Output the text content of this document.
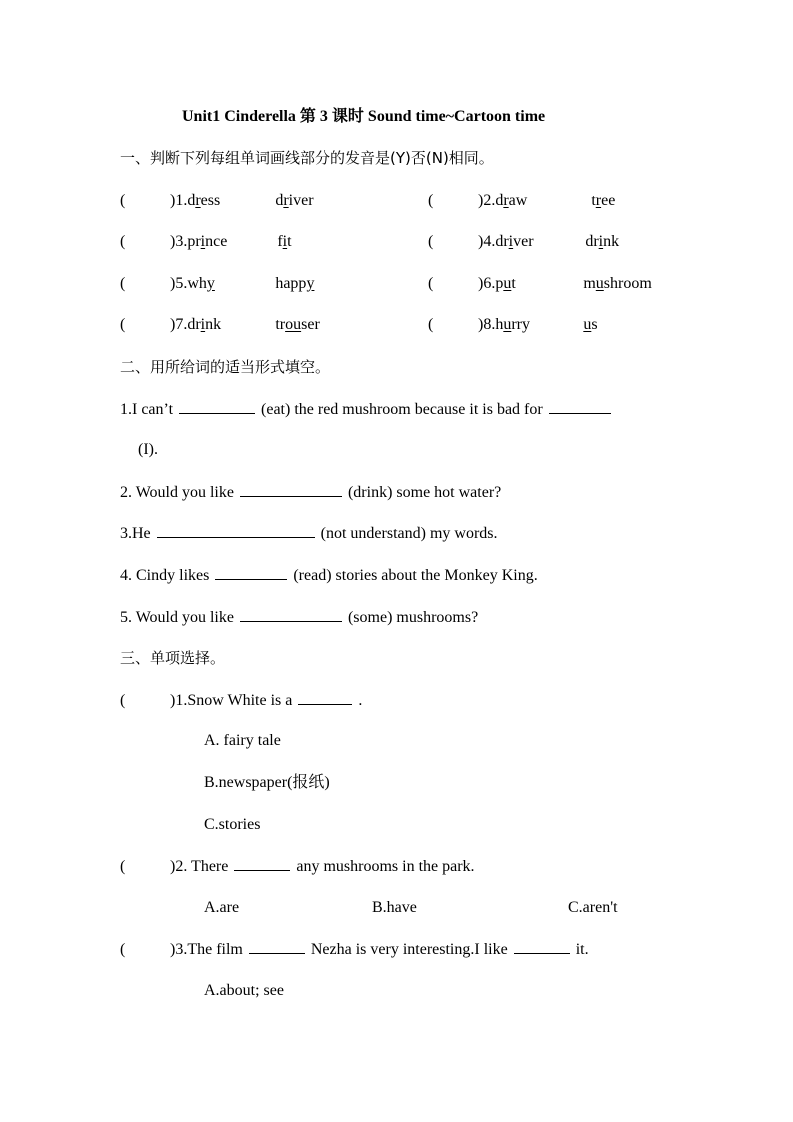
Unit1 Cinderella 第 3 课时 Sound time~Cartoon time
一、判断下列每组单词画线部分的发音是(Y)否(N)相同。
(	)1.dress	driver	(	)2.draw	tree
(	)3.prince	fit	(	)4.driver	drink
(	)5.why	happy	(	)6.put	mushroom
(	)7.drink	trouser	(	)8.hurry	us
二、用所给词的适当形式填空。
1.I can’t	(eat) the red mushroom because it is bad for
(I).
2. Would you like	(drink) some hot water?
3.He	(not understand) my words.
4. Cindy likes	(read) stories about the Monkey King.
5. Would you like	(some) mushrooms?
三、单项选择。
(	)1.Snow White is a	.
A. fairy tale
B.newspaper(报纸)
C.stories
(	)2. There	any mushrooms in the park.
A.are	B.have	C.aren't
(	)3.The film	Nezha is very interesting.I like	it.
A.about; see
